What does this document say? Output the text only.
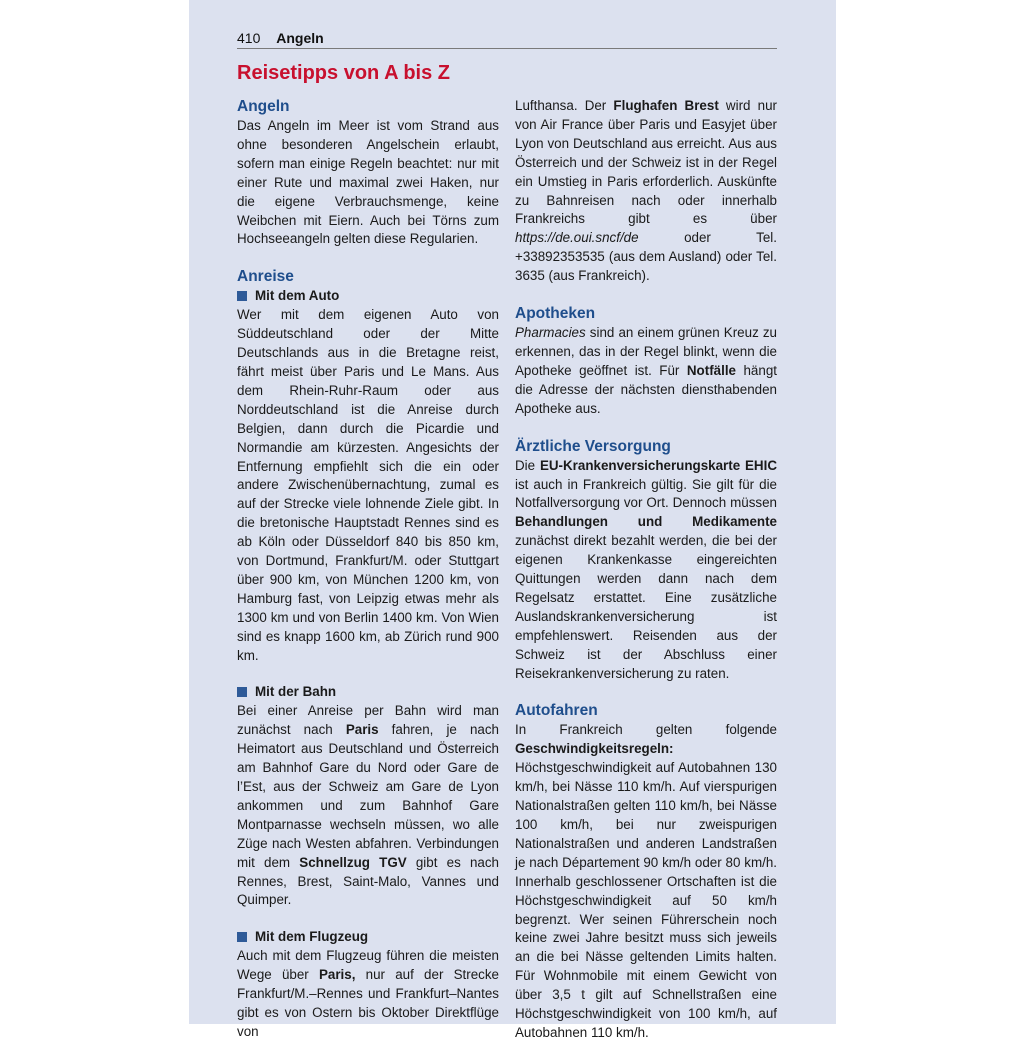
410 Angeln
Reisetipps von A bis Z
Angeln

Das Angeln im Meer ist vom Strand aus ohne besonderen Angelschein erlaubt, sofern man einige Regeln beachtet: nur mit einer Rute und maximal zwei Haken, nur die eigene Verbrauchsmenge, keine Weibchen mit Eiern. Auch bei Törns zum Hochseeangeln gelten diese Regularien.

Anreise
Mit dem Auto

Wer mit dem eigenen Auto von Süddeutschland oder der Mitte Deutschlands aus in die Bretagne reist, fährt meist über Paris und Le Mans. Aus dem Rhein-Ruhr-Raum oder aus Norddeutschland ist die Anreise durch Belgien, dann durch die Picardie und Normandie am kürzesten. Angesichts der Entfernung empfiehlt sich die ein oder andere Zwischenübernachtung, zumal es auf der Strecke viele lohnende Ziele gibt. In die bretonische Hauptstadt Rennes sind es ab Köln oder Düsseldorf 840 bis 850 km, von Dortmund, Frankfurt/M. oder Stuttgart über 900 km, von München 1200 km, von Hamburg fast, von Leipzig etwas mehr als 1300 km und von Berlin 1400 km. Von Wien sind es knapp 1600 km, ab Zürich rund 900 km.

Mit der Bahn

Bei einer Anreise per Bahn wird man zunächst nach Paris fahren, je nach Heimatort aus Deutschland und Österreich am Bahnhof Gare du Nord oder Gare de l’Est, aus der Schweiz am Gare de Lyon ankommen und zum Bahnhof Gare Montparnasse wechseln müssen, wo alle Züge nach Westen abfahren. Verbindungen mit dem Schnellzug TGV gibt es nach Rennes, Brest, Saint-Malo, Vannes und Quimper.

Mit dem Flugzeug

Auch mit dem Flugzeug führen die meisten Wege über Paris, nur auf der Strecke Frankfurt/M.–Rennes und Frankfurt–Nantes gibt es von Ostern bis Oktober Direktflüge von

Lufthansa. Der Flughafen Brest wird nur von Air France über Paris und Easyjet über Lyon von Deutschland aus erreicht. Aus aus Österreich und der Schweiz ist in der Regel ein Umstieg in Paris erforderlich. Auskünfte zu Bahnreisen nach oder innerhalb Frankreichs gibt es über https://de.oui.sncf/de oder Tel. +33892353535 (aus dem Ausland) oder Tel. 3635 (aus Frankreich).

Apotheken

Pharmacies sind an einem grünen Kreuz zu erkennen, das in der Regel blinkt, wenn die Apotheke geöffnet ist. Für Notfälle hängt die Adresse der nächsten diensthabenden Apotheke aus.

Ärztliche Versorgung

Die EU-Krankenversicherungskarte EHIC ist auch in Frankreich gültig. Sie gilt für die Notfallversorgung vor Ort. Dennoch müssen Behandlungen und Medikamente zunächst direkt bezahlt werden, die bei der eigenen Krankenkasse eingereichten Quittungen werden dann nach dem Regelsatz erstattet. Eine zusätzliche Auslandskrankenversicherung ist empfehlenswert. Reisenden aus der Schweiz ist der Abschluss einer Reisekrankenversicherung zu raten.

Autofahren

In Frankreich gelten folgende Geschwindigkeitsregeln: Höchstgeschwindigkeit auf Autobahnen 130 km/h, bei Nässe 110 km/h. Auf vierspurigen Nationalstraßen gelten 110 km/h, bei Nässe 100 km/h, bei nur zweispurigen Nationalstraßen und anderen Landstraßen je nach Département 90 km/h oder 80 km/h. Innerhalb geschlossener Ortschaften ist die Höchstgeschwindigkeit auf 50 km/h begrenzt. Wer seinen Führerschein noch keine zwei Jahre besitzt muss sich jeweils an die bei Nässe geltenden Limits halten. Für Wohnmobile mit einem Gewicht von über 3,5 t gilt auf Schnellstraßen eine Höchstgeschwindigkeit von 100 km/h, auf Autobahnen 110 km/h.
